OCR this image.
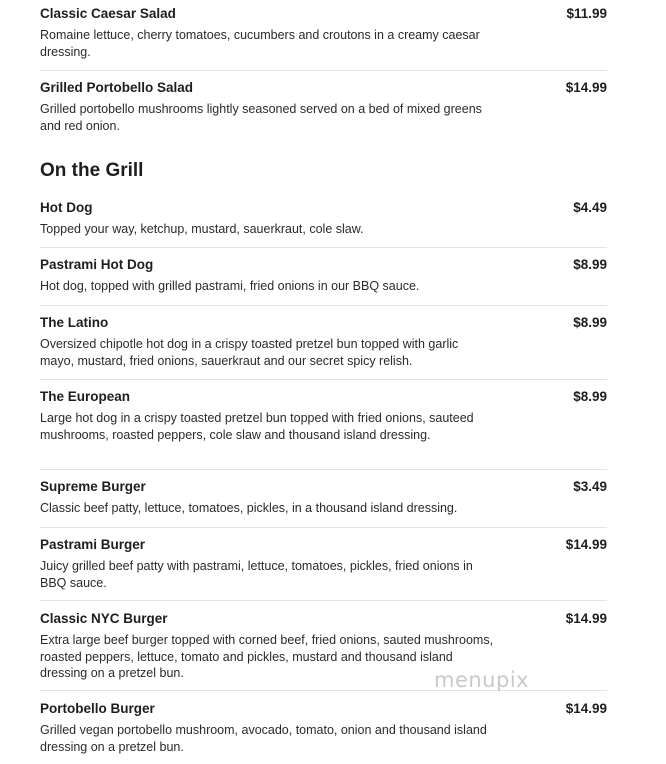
Classic Caesar Salad	$11.99
Romaine lettuce, cherry tomatoes, cucumbers and croutons in a creamy caesar dressing.
Grilled Portobello Salad	$14.99
Grilled portobello mushrooms lightly seasoned served on a bed of mixed greens and red onion.
On the Grill
Hot Dog	$4.49
Topped your way, ketchup, mustard, sauerkraut, cole slaw.
Pastrami Hot Dog	$8.99
Hot dog, topped with grilled pastrami, fried onions in our BBQ sauce.
The Latino	$8.99
Oversized chipotle hot dog in a crispy toasted pretzel bun topped with garlic mayo, mustard, fried onions, sauerkraut and our secret spicy relish.
The European	$8.99
Large hot dog in a crispy toasted pretzel bun topped with fried onions, sauteed mushrooms, roasted peppers, cole slaw and thousand island dressing.
Supreme Burger	$3.49
Classic beef patty, lettuce, tomatoes, pickles, in a thousand island dressing.
Pastrami Burger	$14.99
Juicy grilled beef patty with pastrami, lettuce, tomatoes, pickles, fried onions in BBQ sauce.
Classic NYC Burger	$14.99
Extra large beef burger topped with corned beef, fried onions, sauted mushrooms, roasted peppers, lettuce, tomato and pickles, mustard and thousand island dressing on a pretzel bun.
Portobello Burger	$14.99
Grilled vegan portobello mushroom, avocado, tomato, onion and thousand island dressing on a pretzel bun.
menupix
